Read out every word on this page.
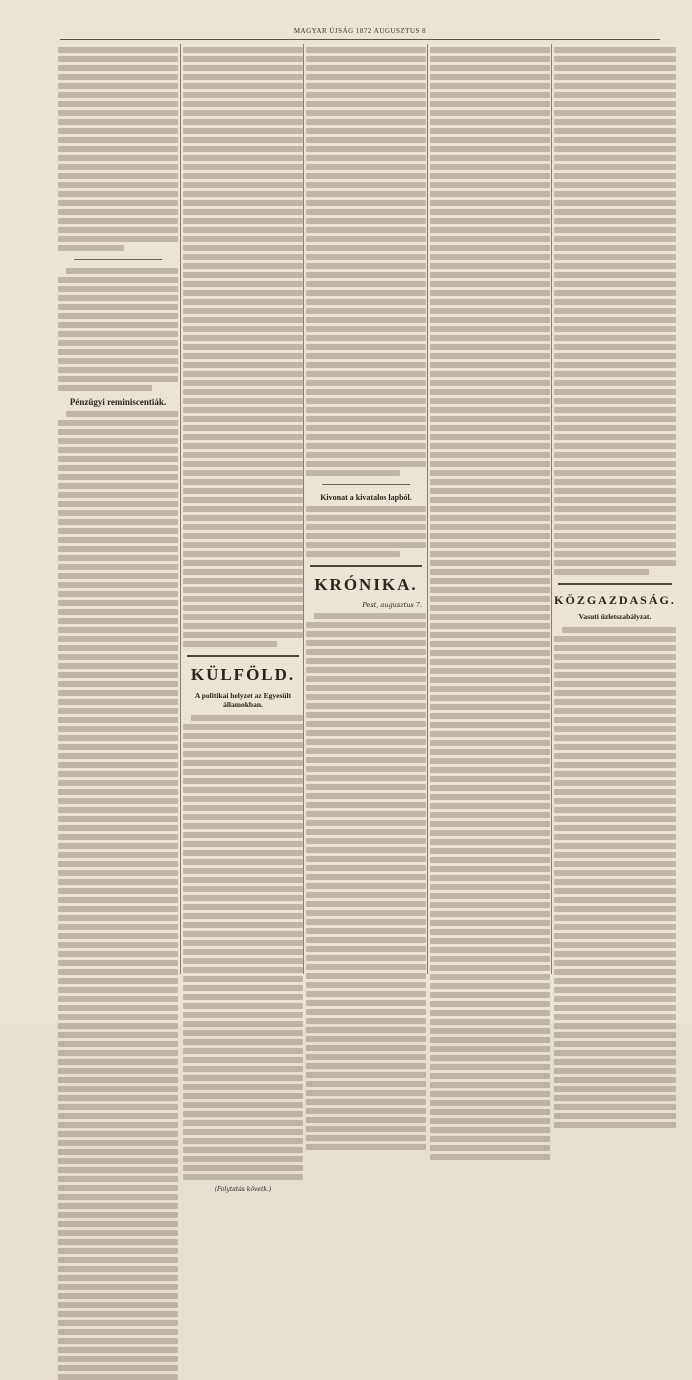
MAGYAR ÚJSÁG 1872 AUGUSZTUS 8
Pénzügyi reminiscentiák.
KÜLFÖLD.
A politikai helyzet az Egyesült államokban.
(Folytatás követk.)
Kivonat a kivatalos lapból.
KRÓNIKA.
Pest, augusztus 7.	KÖZGAZDASÁG.
Vasuti üzletszabályzat.
